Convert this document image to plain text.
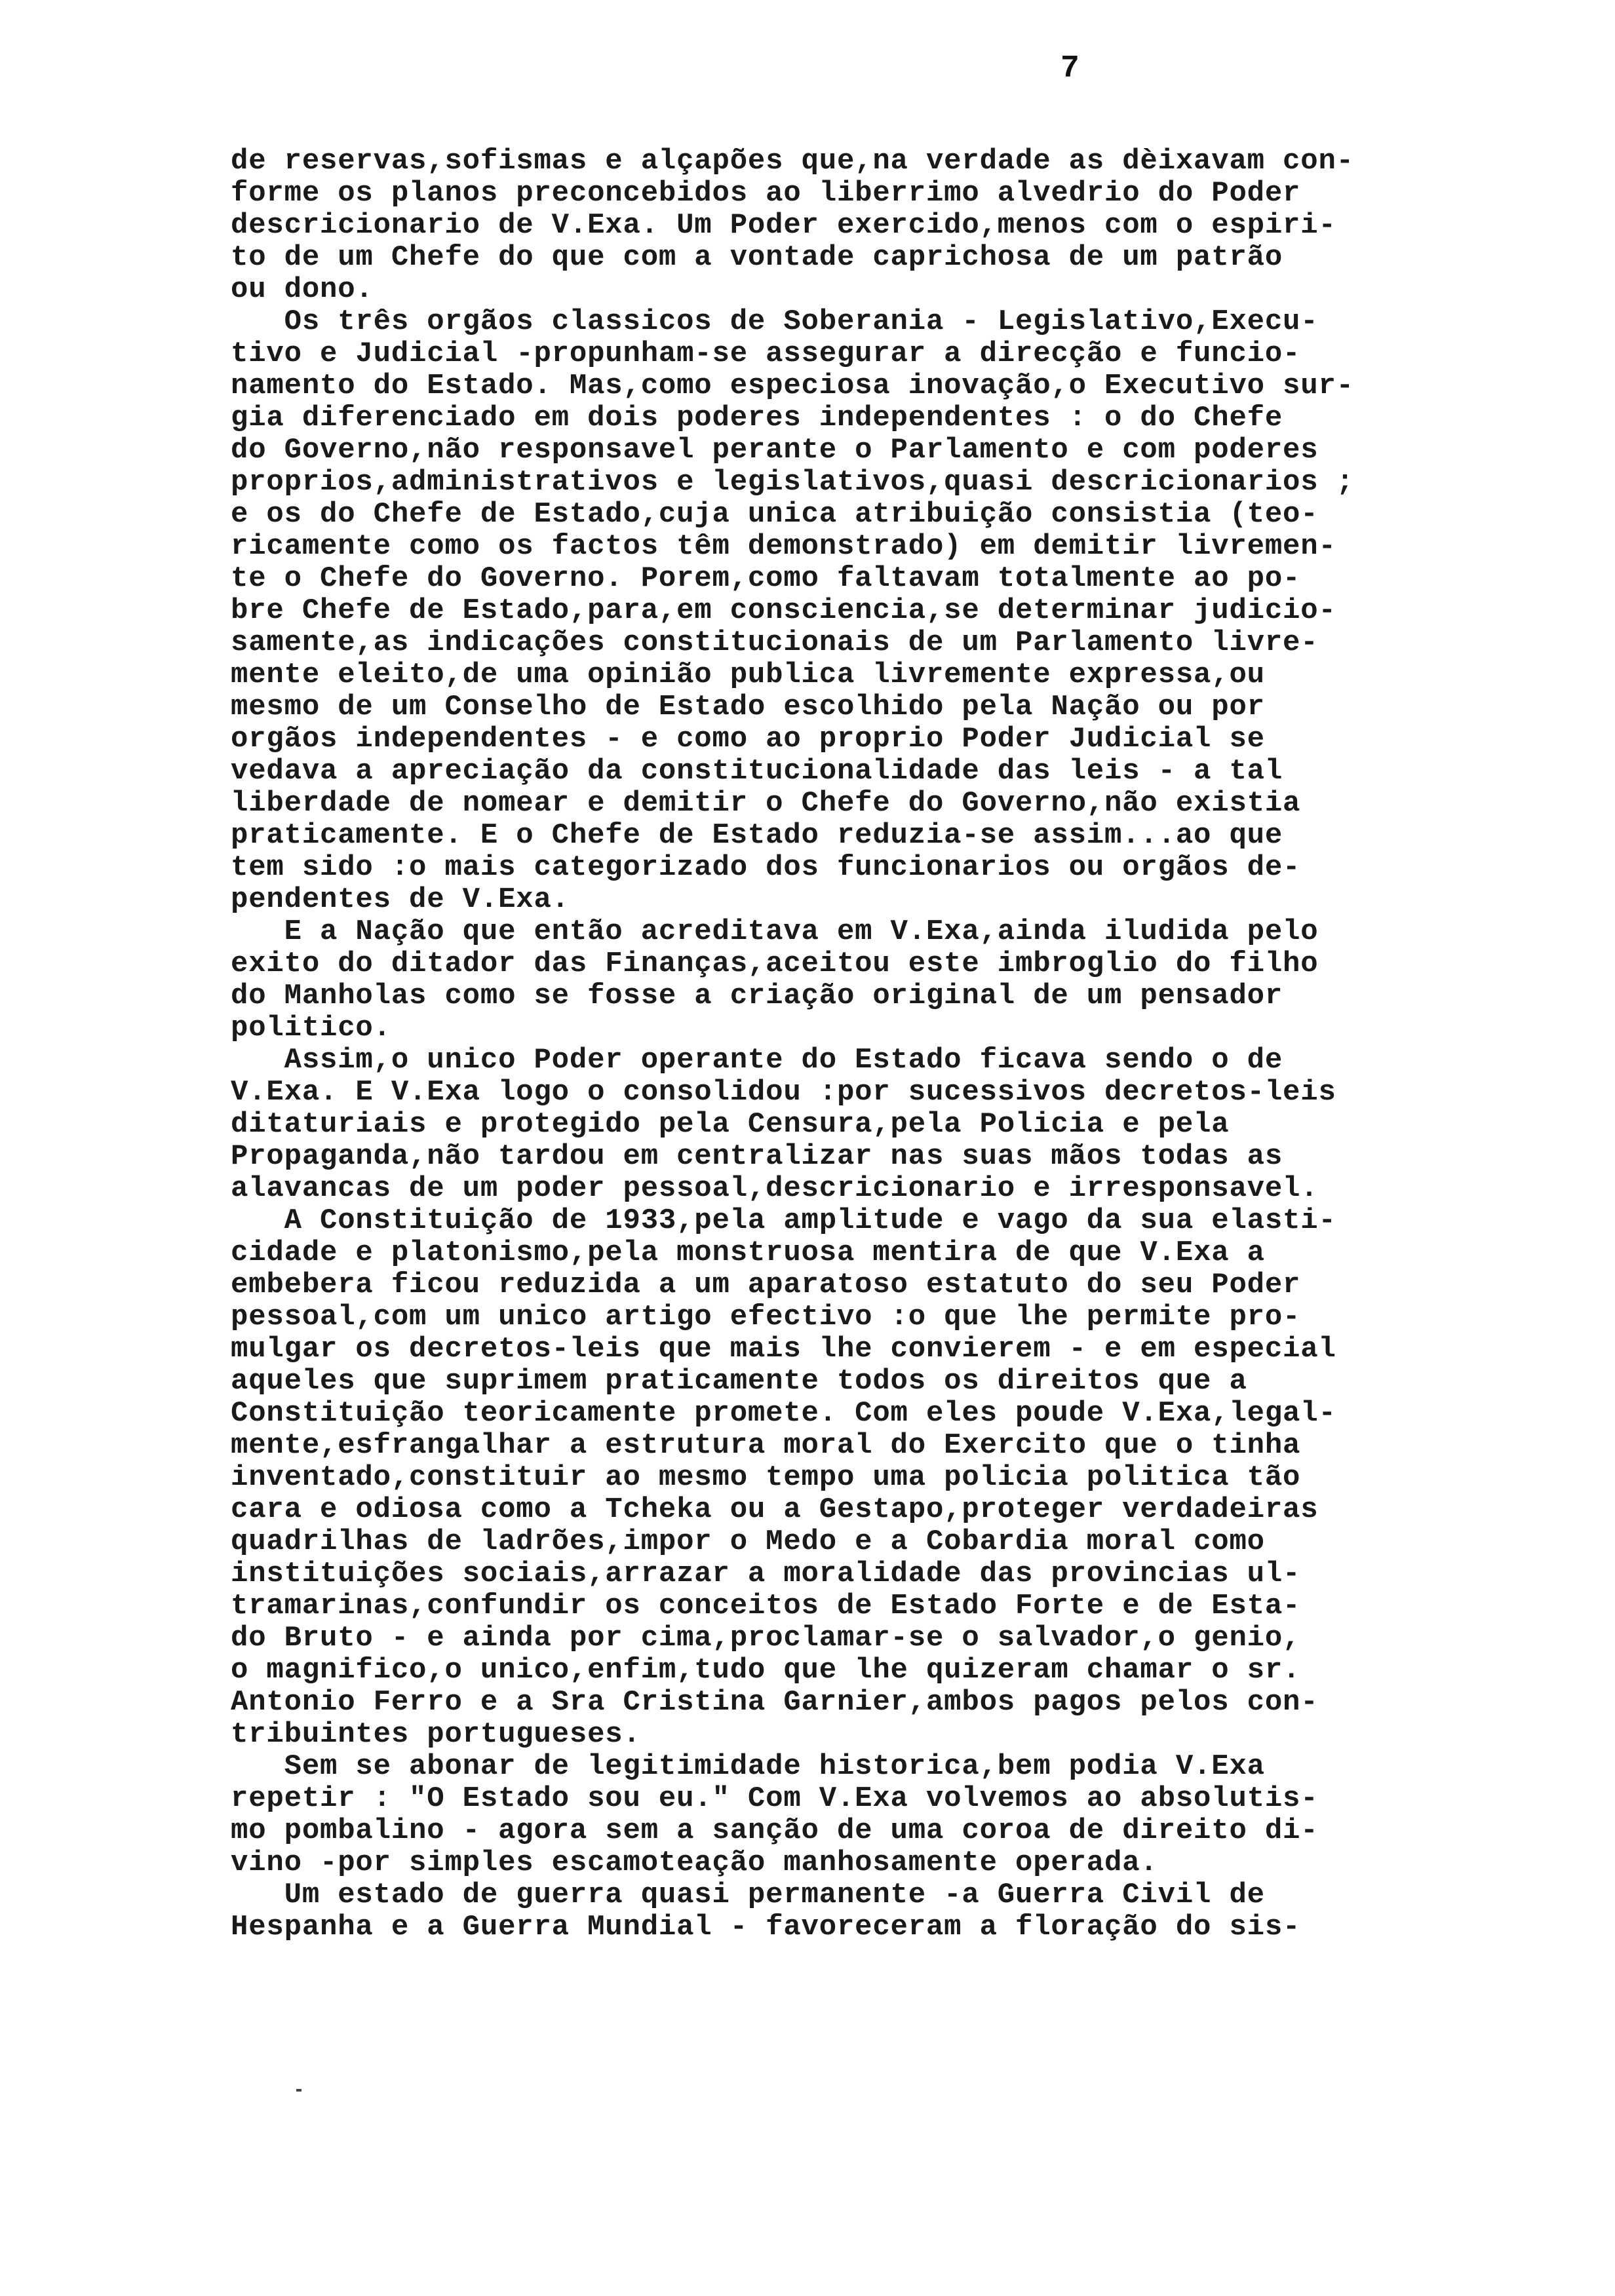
7
de reservas,sofismas e alçapões que,na verdade as dèixavam con-
forme os planos preconcebidos ao liberrimo alvedrio do Poder
descricionario de V.Exa. Um Poder exercido,menos com o espiri-
to de um Chefe do que com a vontade caprichosa de um patrão
ou dono.
Os três orgãos classicos de Soberania - Legislativo,Execu-
tivo e Judicial -propunham-se assegurar a direcção e funcio-
namento do Estado. Mas,como especiosa inovação,o Executivo sur-
gia diferenciado em dois poderes independentes : o do Chefe
do Governo,não responsavel perante o Parlamento e com poderes
proprios,administrativos e legislativos,quasi descricionarios ;
e os do Chefe de Estado,cuja unica atribuição consistia (teo-
ricamente como os factos têm demonstrado) em demitir livremen-
te o Chefe do Governo. Porem,como faltavam totalmente ao po-
bre Chefe de Estado,para,em consciencia,se determinar judicio-
samente,as indicações constitucionais de um Parlamento livre-
mente eleito,de uma opinião publica livremente expressa,ou
mesmo de um Conselho de Estado escolhido pela Nação ou por
orgãos independentes - e como ao proprio Poder Judicial se
vedava a apreciação da constitucionalidade das leis - a tal
liberdade de nomear e demitir o Chefe do Governo,não existia
praticamente. E o Chefe de Estado reduzia-se assim...ao que
tem sido :o mais categorizado dos funcionarios ou orgãos de-
pendentes de V.Exa.
E a Nação que então acreditava em V.Exa,ainda iludida pelo
exito do ditador das Finanças,aceitou este imbroglio do filho
do Manholas como se fosse a criação original de um pensador
politico.
Assim,o unico Poder operante do Estado ficava sendo o de
V.Exa. E V.Exa logo o consolidou :por sucessivos decretos-leis
ditaturiais e protegido pela Censura,pela Policia e pela
Propaganda,não tardou em centralizar nas suas mãos todas as
alavancas de um poder pessoal,descricionario e irresponsavel.
A Constituição de 1933,pela amplitude e vago da sua elasti-
cidade e platonismo,pela monstruosa mentira de que V.Exa a
embebera ficou reduzida a um aparatoso estatuto do seu Poder
pessoal,com um unico artigo efectivo :o que lhe permite pro-
mulgar os decretos-leis que mais lhe convierem - e em especial
aqueles que suprimem praticamente todos os direitos que a
Constituição teoricamente promete. Com eles poude V.Exa,legal-
mente,esfrangalhar a estrutura moral do Exercito que o tinha
inventado,constituir ao mesmo tempo uma policia politica tão
cara e odiosa como a Tcheka ou a Gestapo,proteger verdadeiras
quadrilhas de ladrões,impor o Medo e a Cobardia moral como
instituições sociais,arrazar a moralidade das provincias ul-
tramarinas,confundir os conceitos de Estado Forte e de Esta-
do Bruto - e ainda por cima,proclamar-se o salvador,o genio,
o magnifico,o unico,enfim,tudo que lhe quizeram chamar o sr.
Antonio Ferro e a Sra Cristina Garnier,ambos pagos pelos con-
tribuintes portugueses.
Sem se abonar de legitimidade historica,bem podia V.Exa
repetir : "O Estado sou eu." Com V.Exa volvemos ao absolutis-
mo pombalino - agora sem a sanção de uma coroa de direito di-
vino -por simples escamoteação manhosamente operada.
Um estado de guerra quasi permanente -a Guerra Civil de
Hespanha e a Guerra Mundial - favoreceram a floração do sis-
